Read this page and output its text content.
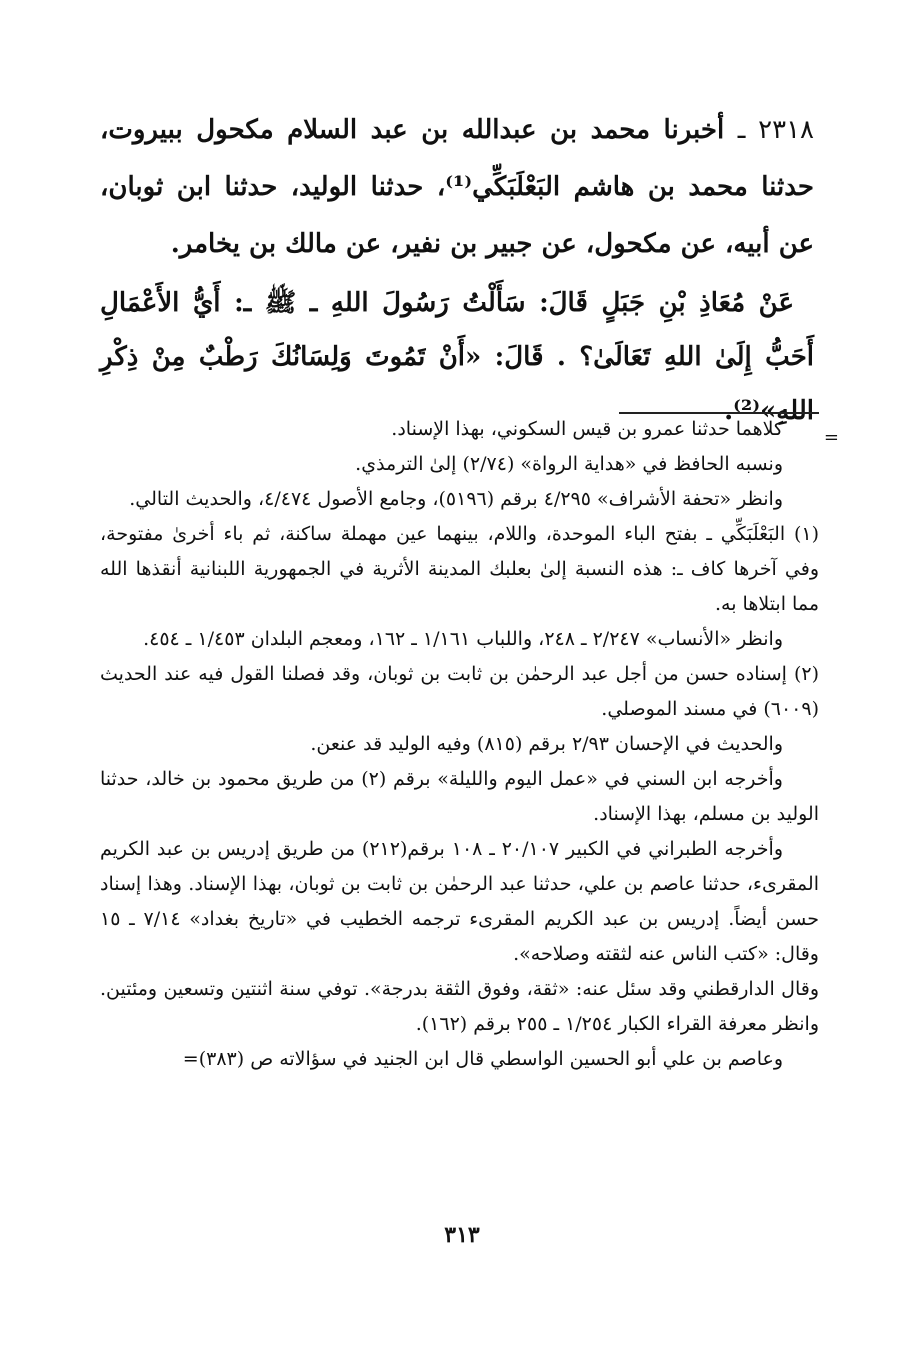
٢٣١٨ ـ أخبرنا محمد بن عبدالله بن عبد السلام مكحول ببيروت، حدثنا محمد بن هاشم البَعْلَبَكِّي⁽¹⁾، حدثنا الوليد، حدثنا ابن ثوبان، عن أبيه، عن مكحول، عن جبير بن نفير، عن مالك بن يخامر.

عَنْ مُعَاذِ بْنِ جَبَلٍ قَالَ: سَأَلْتُ رَسُولَ اللهِ ـ ﷺ ـ: أَيُّ الأَعْمَالِ أَحَبُّ إِلَىٰ اللهِ تَعَالَىٰ؟ . قَالَ: «أَنْ تَمُوتَ وَلِسَانُكَ رَطْبٌ مِنْ ذِكْرِ اللهِ»⁽²⁾.

=

كلاهما حدثنا عمرو بن قيس السكوني، بهذا الإسناد.

ونسبه الحافظ في «هداية الرواة» (٢/٧٤) إلىٰ الترمذي.

وانظر «تحفة الأشراف» ٤/٢٩٥ برقم (٥١٩٦)، وجامع الأصول ٤/٤٧٤، والحديث التالي.

(١) البَعْلَبَكِّي ـ بفتح الباء الموحدة، واللام، بينهما عين مهملة ساكنة، ثم باء أخرىٰ مفتوحة، وفي آخرها كاف ـ: هذه النسبة إلىٰ بعلبك المدينة الأثرية في الجمهورية اللبنانية أنقذها الله مما ابتلاها به.

وانظر «الأنساب» ٢/٢٤٧ ـ ٢٤٨، واللباب ١/١٦١ ـ ١٦٢، ومعجم البلدان ١/٤٥٣ ـ ٤٥٤.

(٢) إسناده حسن من أجل عبد الرحمٰن بن ثابت بن ثوبان، وقد فصلنا القول فيه عند الحديث (٦٠٠٩) في مسند الموصلي.

والحديث في الإحسان ٢/٩٣ برقم (٨١٥) وفيه الوليد قد عنعن.

وأخرجه ابن السني في «عمل اليوم والليلة» برقم (٢) من طريق محمود بن خالد، حدثنا الوليد بن مسلم، بهذا الإسناد.

وأخرجه الطبراني في الكبير ٢٠/١٠٧ ـ ١٠٨ برقم(٢١٢) من طريق إدريس بن عبد الكريم المقرىء، حدثنا عاصم بن علي، حدثنا عبد الرحمٰن بن ثابت بن ثوبان، بهذا الإسناد. وهذا إسناد حسن أيضاً. إدريس بن عبد الكريم المقرىء ترجمه الخطيب في «تاريخ بغداد» ٧/١٤ ـ ١٥ وقال: «كتب الناس عنه لثقته وصلاحه».

وقال الدارقطني وقد سئل عنه: «ثقة، وفوق الثقة بدرجة». توفي سنة اثنتين وتسعين ومئتين. وانظر معرفة القراء الكبار ١/٢٥٤ ـ ٢٥٥ برقم (١٦٢).

وعاصم بن علي أبو الحسين الواسطي قال ابن الجنيد في سؤالاته ص (٣٨٣)=

٣١٣
